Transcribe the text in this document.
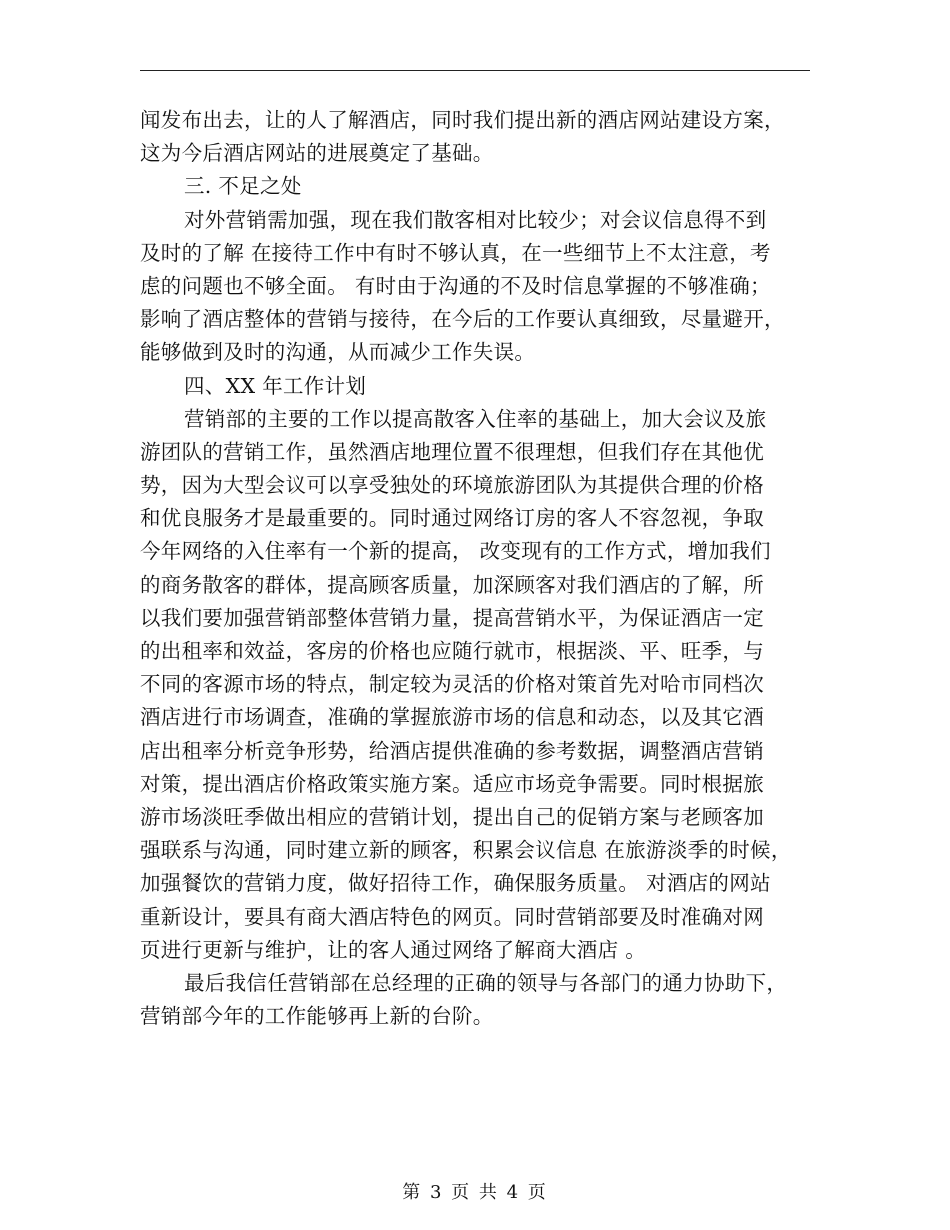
闻发布出去，让的人了解酒店，同时我们提出新的酒店网站建设方案，
这为今后酒店网站的进展奠定了基础。
三. 不足之处
对外营销需加强，现在我们散客相对比较少；对会议信息得不到
及时的了解 在接待工作中有时不够认真，在一些细节上不太注意，考
虑的问题也不够全面。 有时由于沟通的不及时信息掌握的不够准确；
影响了酒店整体的营销与接待，在今后的工作要认真细致，尽量避开，
能够做到及时的沟通，从而减少工作失误。
四、XX 年工作计划
营销部的主要的工作以提高散客入住率的基础上，加大会议及旅
游团队的营销工作，虽然酒店地理位置不很理想，但我们存在其他优
势，因为大型会议可以享受独处的环境旅游团队为其提供合理的价格
和优良服务才是最重要的。同时通过网络订房的客人不容忽视，争取
今年网络的入住率有一个新的提高， 改变现有的工作方式，增加我们
的商务散客的群体，提高顾客质量，加深顾客对我们酒店的了解，所
以我们要加强营销部整体营销力量，提高营销水平，为保证酒店一定
的出租率和效益，客房的价格也应随行就市，根据淡、平、旺季，与
不同的客源市场的特点，制定较为灵活的价格对策首先对哈市同档次
酒店进行市场调查，准确的掌握旅游市场的信息和动态，以及其它酒
店出租率分析竞争形势，给酒店提供准确的参考数据，调整酒店营销
对策，提出酒店价格政策实施方案。适应市场竞争需要。同时根据旅
游市场淡旺季做出相应的营销计划，提出自己的促销方案与老顾客加
强联系与沟通，同时建立新的顾客，积累会议信息 在旅游淡季的时候，
加强餐饮的营销力度，做好招待工作，确保服务质量。 对酒店的网站
重新设计，要具有商大酒店特色的网页。同时营销部要及时准确对网
页进行更新与维护，让的客人通过网络了解商大酒店 。
最后我信任营销部在总经理的正确的领导与各部门的通力协助下，
营销部今年的工作能够再上新的台阶。
第 3 页 共 4 页
